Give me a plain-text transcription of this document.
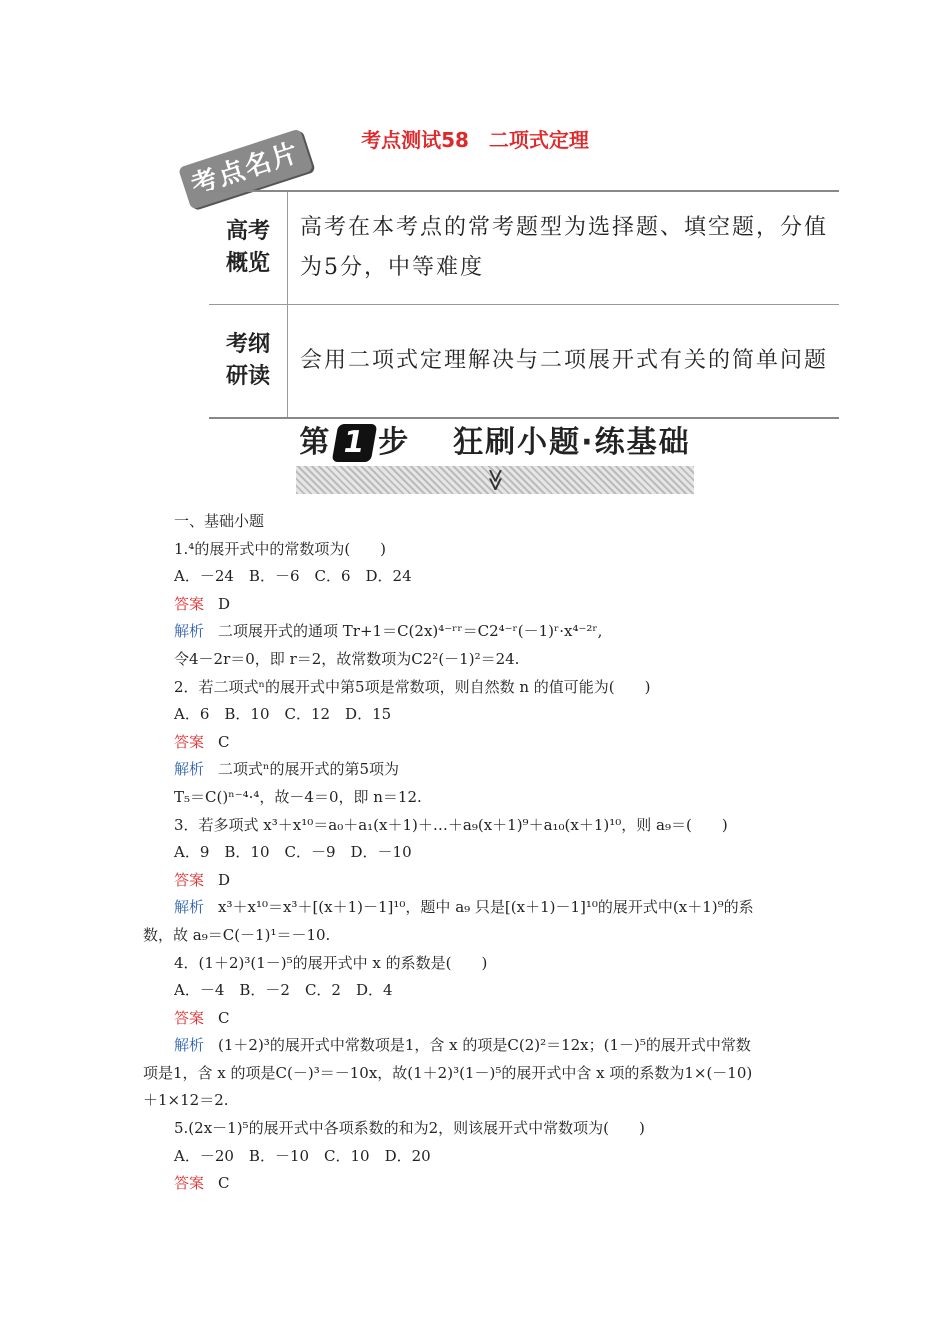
考点测试58 二项式定理
考点名片
高考
概览	高考在本考点的常考题型为选择题、填空题，分值为5分，中等难度

考纲
研读	会用二项式定理解决与二项展开式有关的简单问题
第 1 步 狂刷小题·练基础
≫

一、基础小题

1.⁴的展开式中的常数项为(　　)

A．－24　B．－6　C．6　D．24

答案 D

解析 二项展开式的通项 Tr+1＝C(2x)⁴⁻ʳʳ＝C2⁴⁻ʳ(－1)ʳ·x⁴⁻²ʳ,

令4－2r＝0，即 r＝2，故常数项为C2²(－1)²＝24.

2．若二项式ⁿ的展开式中第5项是常数项，则自然数 n 的值可能为(　　)

A．6　B．10　C．12　D．15

答案 C

解析 二项式ⁿ的展开式的第5项为

T₅＝C()ⁿ⁻⁴·⁴，故－4＝0，即 n＝12.

3．若多项式 x³＋x¹⁰＝a₀＋a₁(x＋1)＋…＋a₉(x＋1)⁹＋a₁₀(x＋1)¹⁰，则 a₉＝(　　)

A．9　B．10　C．－9　D．－10

答案 D

解析 x³＋x¹⁰＝x³＋[(x＋1)－1]¹⁰，题中 a₉ 只是[(x＋1)－1]¹⁰的展开式中(x＋1)⁹的系

数，故 a₉＝C(－1)¹＝－10.

4．(1＋2)³(1－)⁵的展开式中 x 的系数是(　　)

A．－4　B．－2　C．2　D．4

答案 C

解析 (1＋2)³的展开式中常数项是1，含 x 的项是C(2)²＝12x；(1－)⁵的展开式中常数

项是1，含 x 的项是C(－)³＝－10x，故(1＋2)³(1－)⁵的展开式中含 x 项的系数为1×(－10)

＋1×12＝2.

5.(2x－1)⁵的展开式中各项系数的和为2，则该展开式中常数项为(　　)

A．－20　B．－10　C．10　D．20

答案 C
